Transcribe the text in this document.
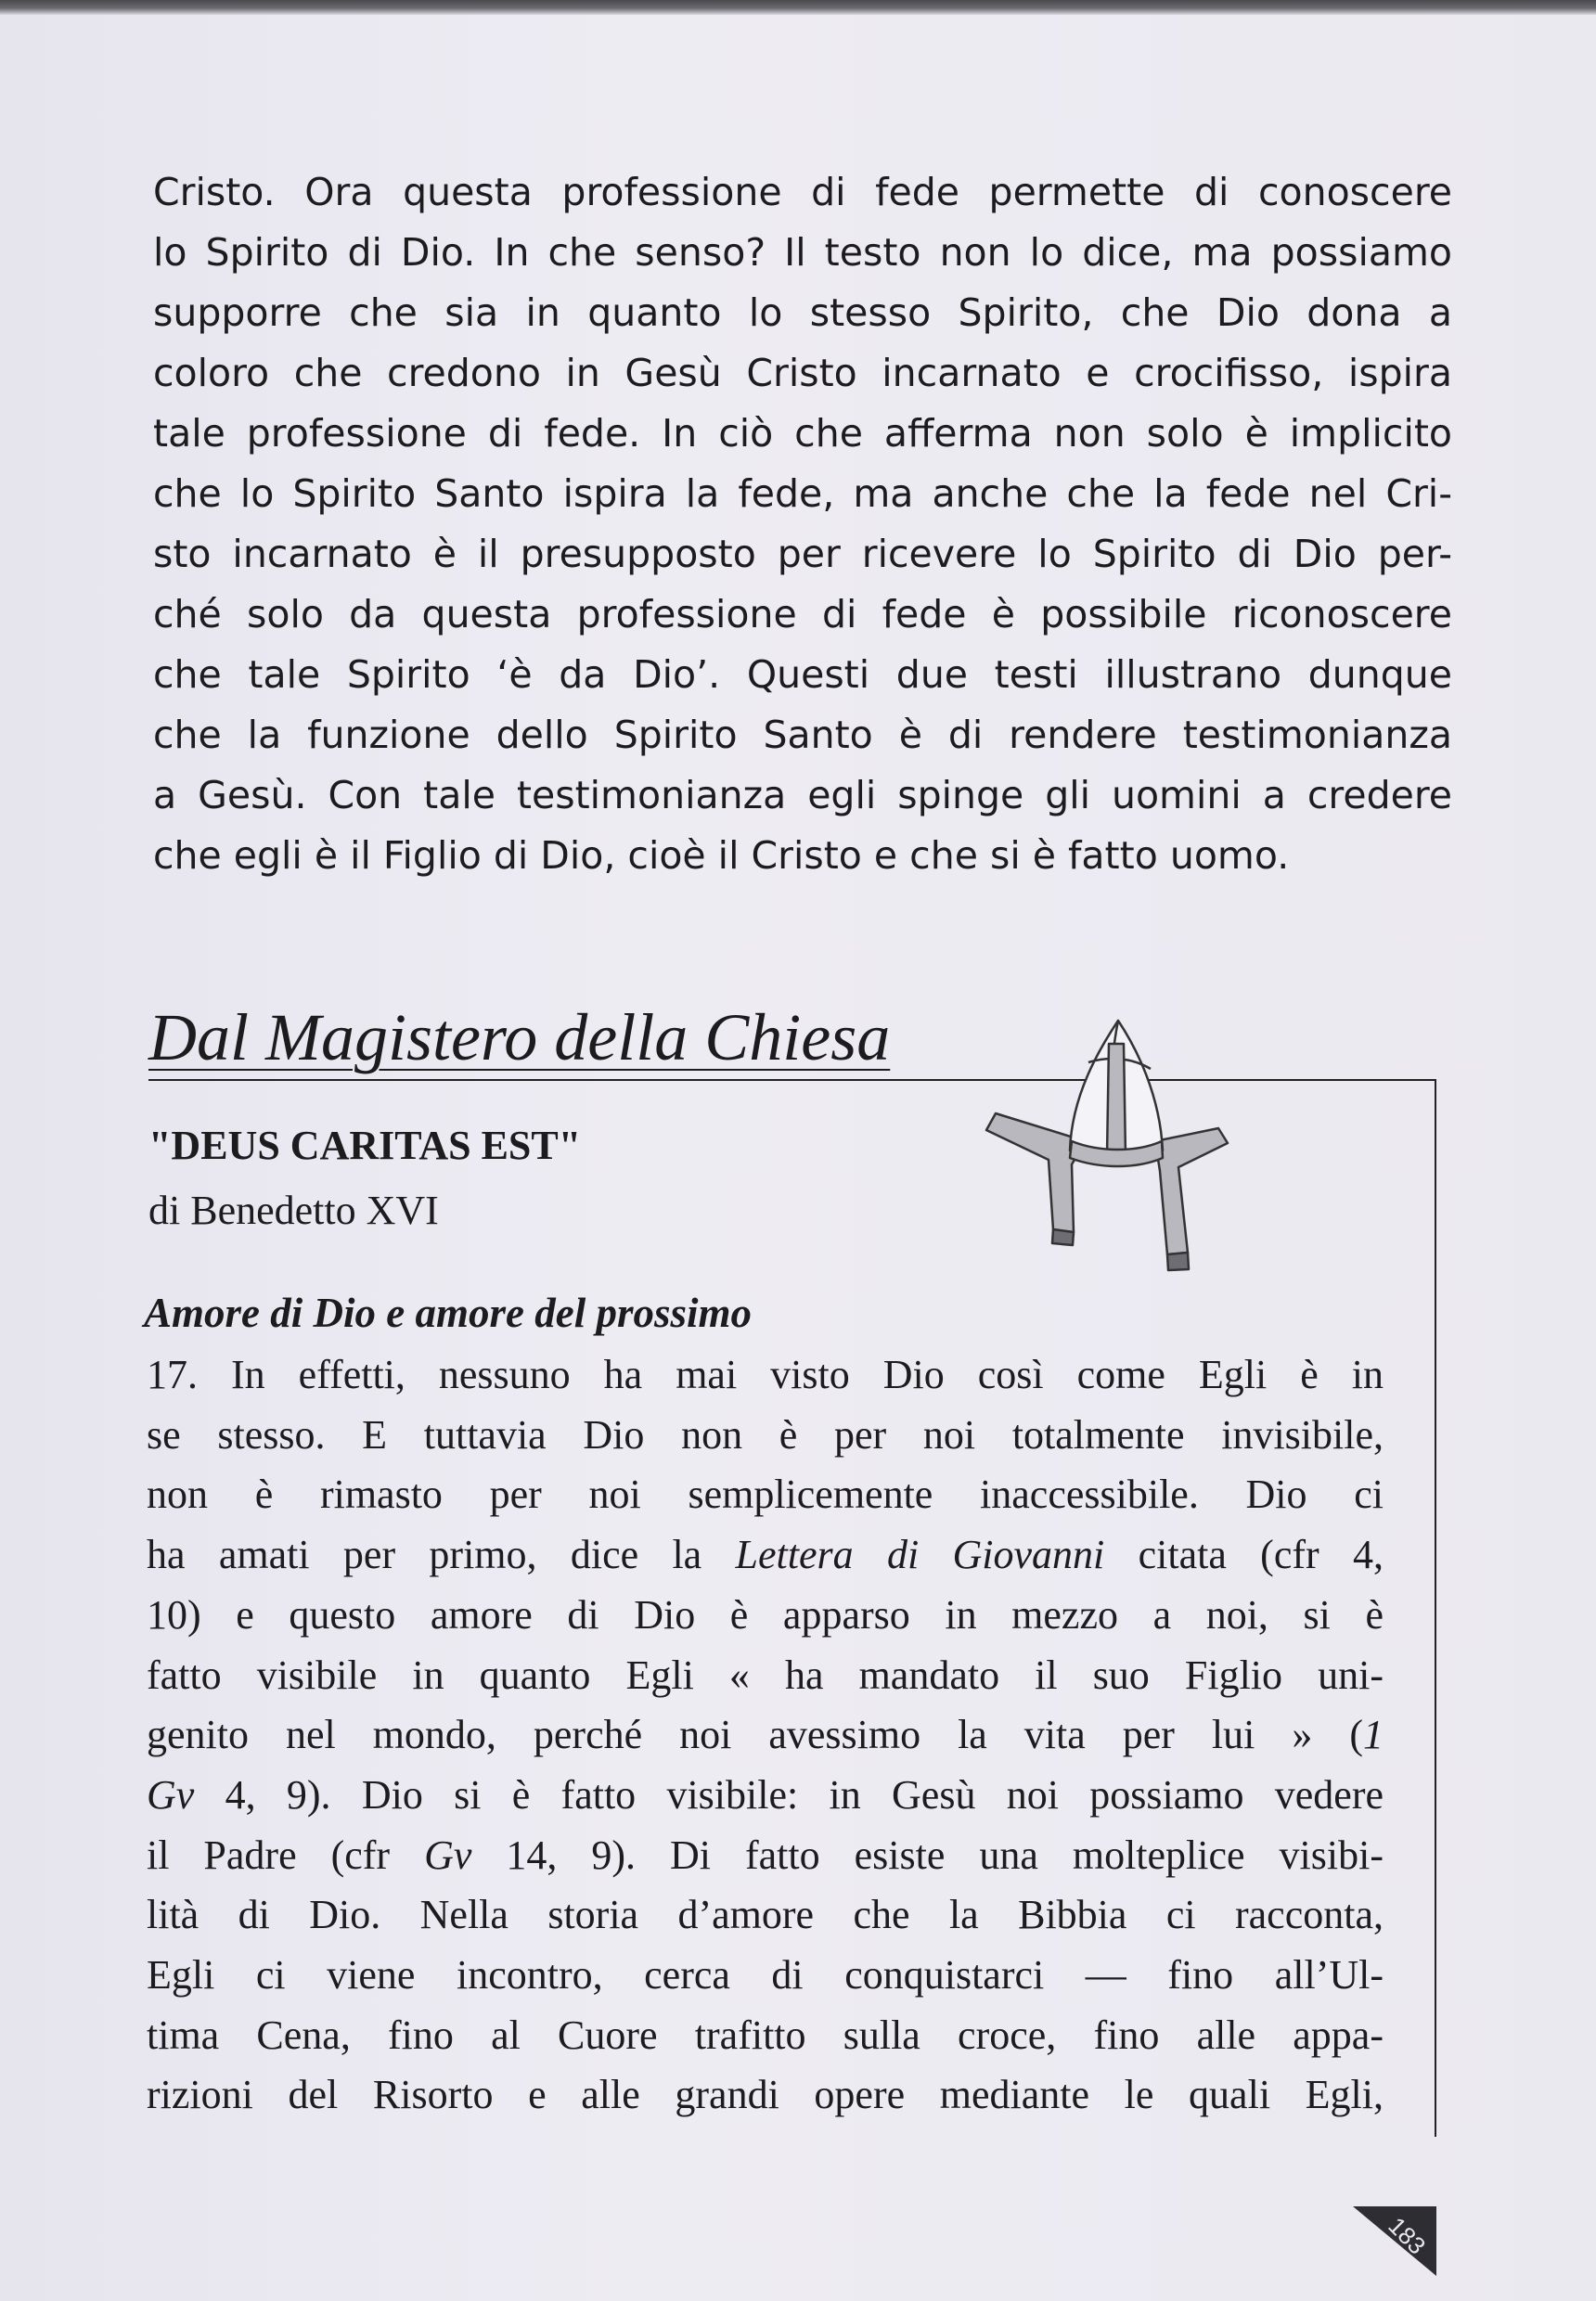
Cristo. Ora questa professione di fede permette di conoscere
lo Spirito di Dio. In che senso? Il testo non lo dice, ma possiamo
supporre che sia in quanto lo stesso Spirito, che Dio dona a
coloro che credono in Gesù Cristo incarnato e crocifisso, ispira
tale professione di fede. In ciò che afferma non solo è implicito
che lo Spirito Santo ispira la fede, ma anche che la fede nel Cri-
sto incarnato è il presupposto per ricevere lo Spirito di Dio per-
ché solo da questa professione di fede è possibile riconoscere
che tale Spirito ‘è da Dio’. Questi due testi illustrano dunque
che la funzione dello Spirito Santo è di rendere testimonianza
a Gesù. Con tale testimonianza egli spinge gli uomini a credere
che egli è il Figlio di Dio, cioè il Cristo e che si è fatto uomo.
Dal Magistero della Chiesa
"DEUS CARITAS EST"
di Benedetto XVI
Amore di Dio e amore del prossimo
17. In effetti, nessuno ha mai visto Dio così come Egli è in
se stesso. E tuttavia Dio non è per noi totalmente invisibile,
non è rimasto per noi semplicemente inaccessibile. Dio ci
ha amati per primo, dice la Lettera di Giovanni citata (cfr 4,
10) e questo amore di Dio è apparso in mezzo a noi, si è
fatto visibile in quanto Egli « ha mandato il suo Figlio uni-
genito nel mondo, perché noi avessimo la vita per lui » (1
Gv 4, 9). Dio si è fatto visibile: in Gesù noi possiamo vedere
il Padre (cfr Gv 14, 9). Di fatto esiste una molteplice visibi-
lità di Dio. Nella storia d’amore che la Bibbia ci racconta,
Egli ci viene incontro, cerca di conquistarci — fino all’Ul-
tima Cena, fino al Cuore trafitto sulla croce, fino alle appa-
rizioni del Risorto e alle grandi opere mediante le quali Egli,
183
